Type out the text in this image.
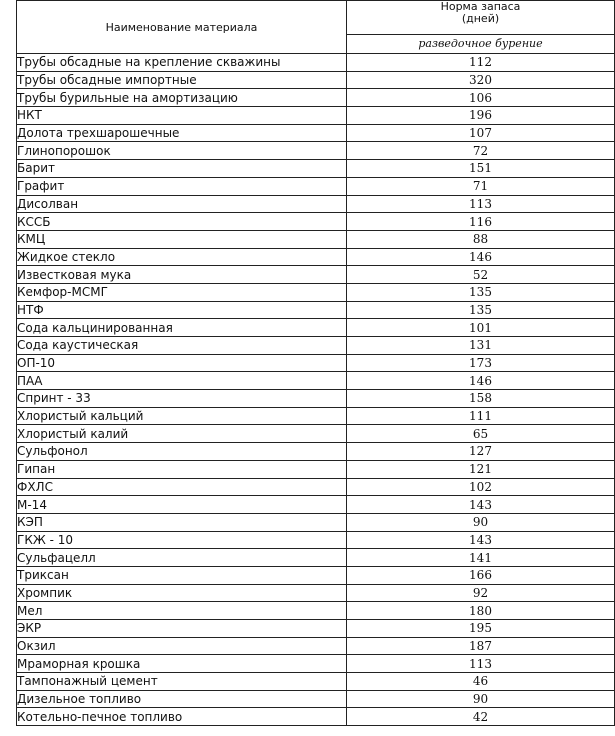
Наименование материала	Норма запаса
(дней)
	разведочное бурение
Трубы обсадные на крепление скважины	112
Трубы обсадные импортные	320
Трубы бурильные на амортизацию	106
НКТ	196
Долота трехшарошечные	107
Глинопорошок	72
Барит	151
Графит	71
Дисолван	113
КССБ	116
КМЦ	88
Жидкое стекло	146
Известковая мука	52
Кемфор-МСМГ	135
НТФ	135
Сода кальцинированная	101
Сода каустическая	131
ОП-10	173
ПАА	146
Спринт - 33	158
Хлористый кальций	111
Хлористый калий	65
Сульфонол	127
Гипан	121
ФХЛС	102
М-14	143
КЭП	90
ГКЖ - 10	143
Сульфацелл	141
Триксан	166
Хромпик	92
Мел	180
ЭКР	195
Окзил	187
Мраморная крошка	113
Тампонажный цемент	46
Дизельное топливо	90
Котельно-печное топливо	42
